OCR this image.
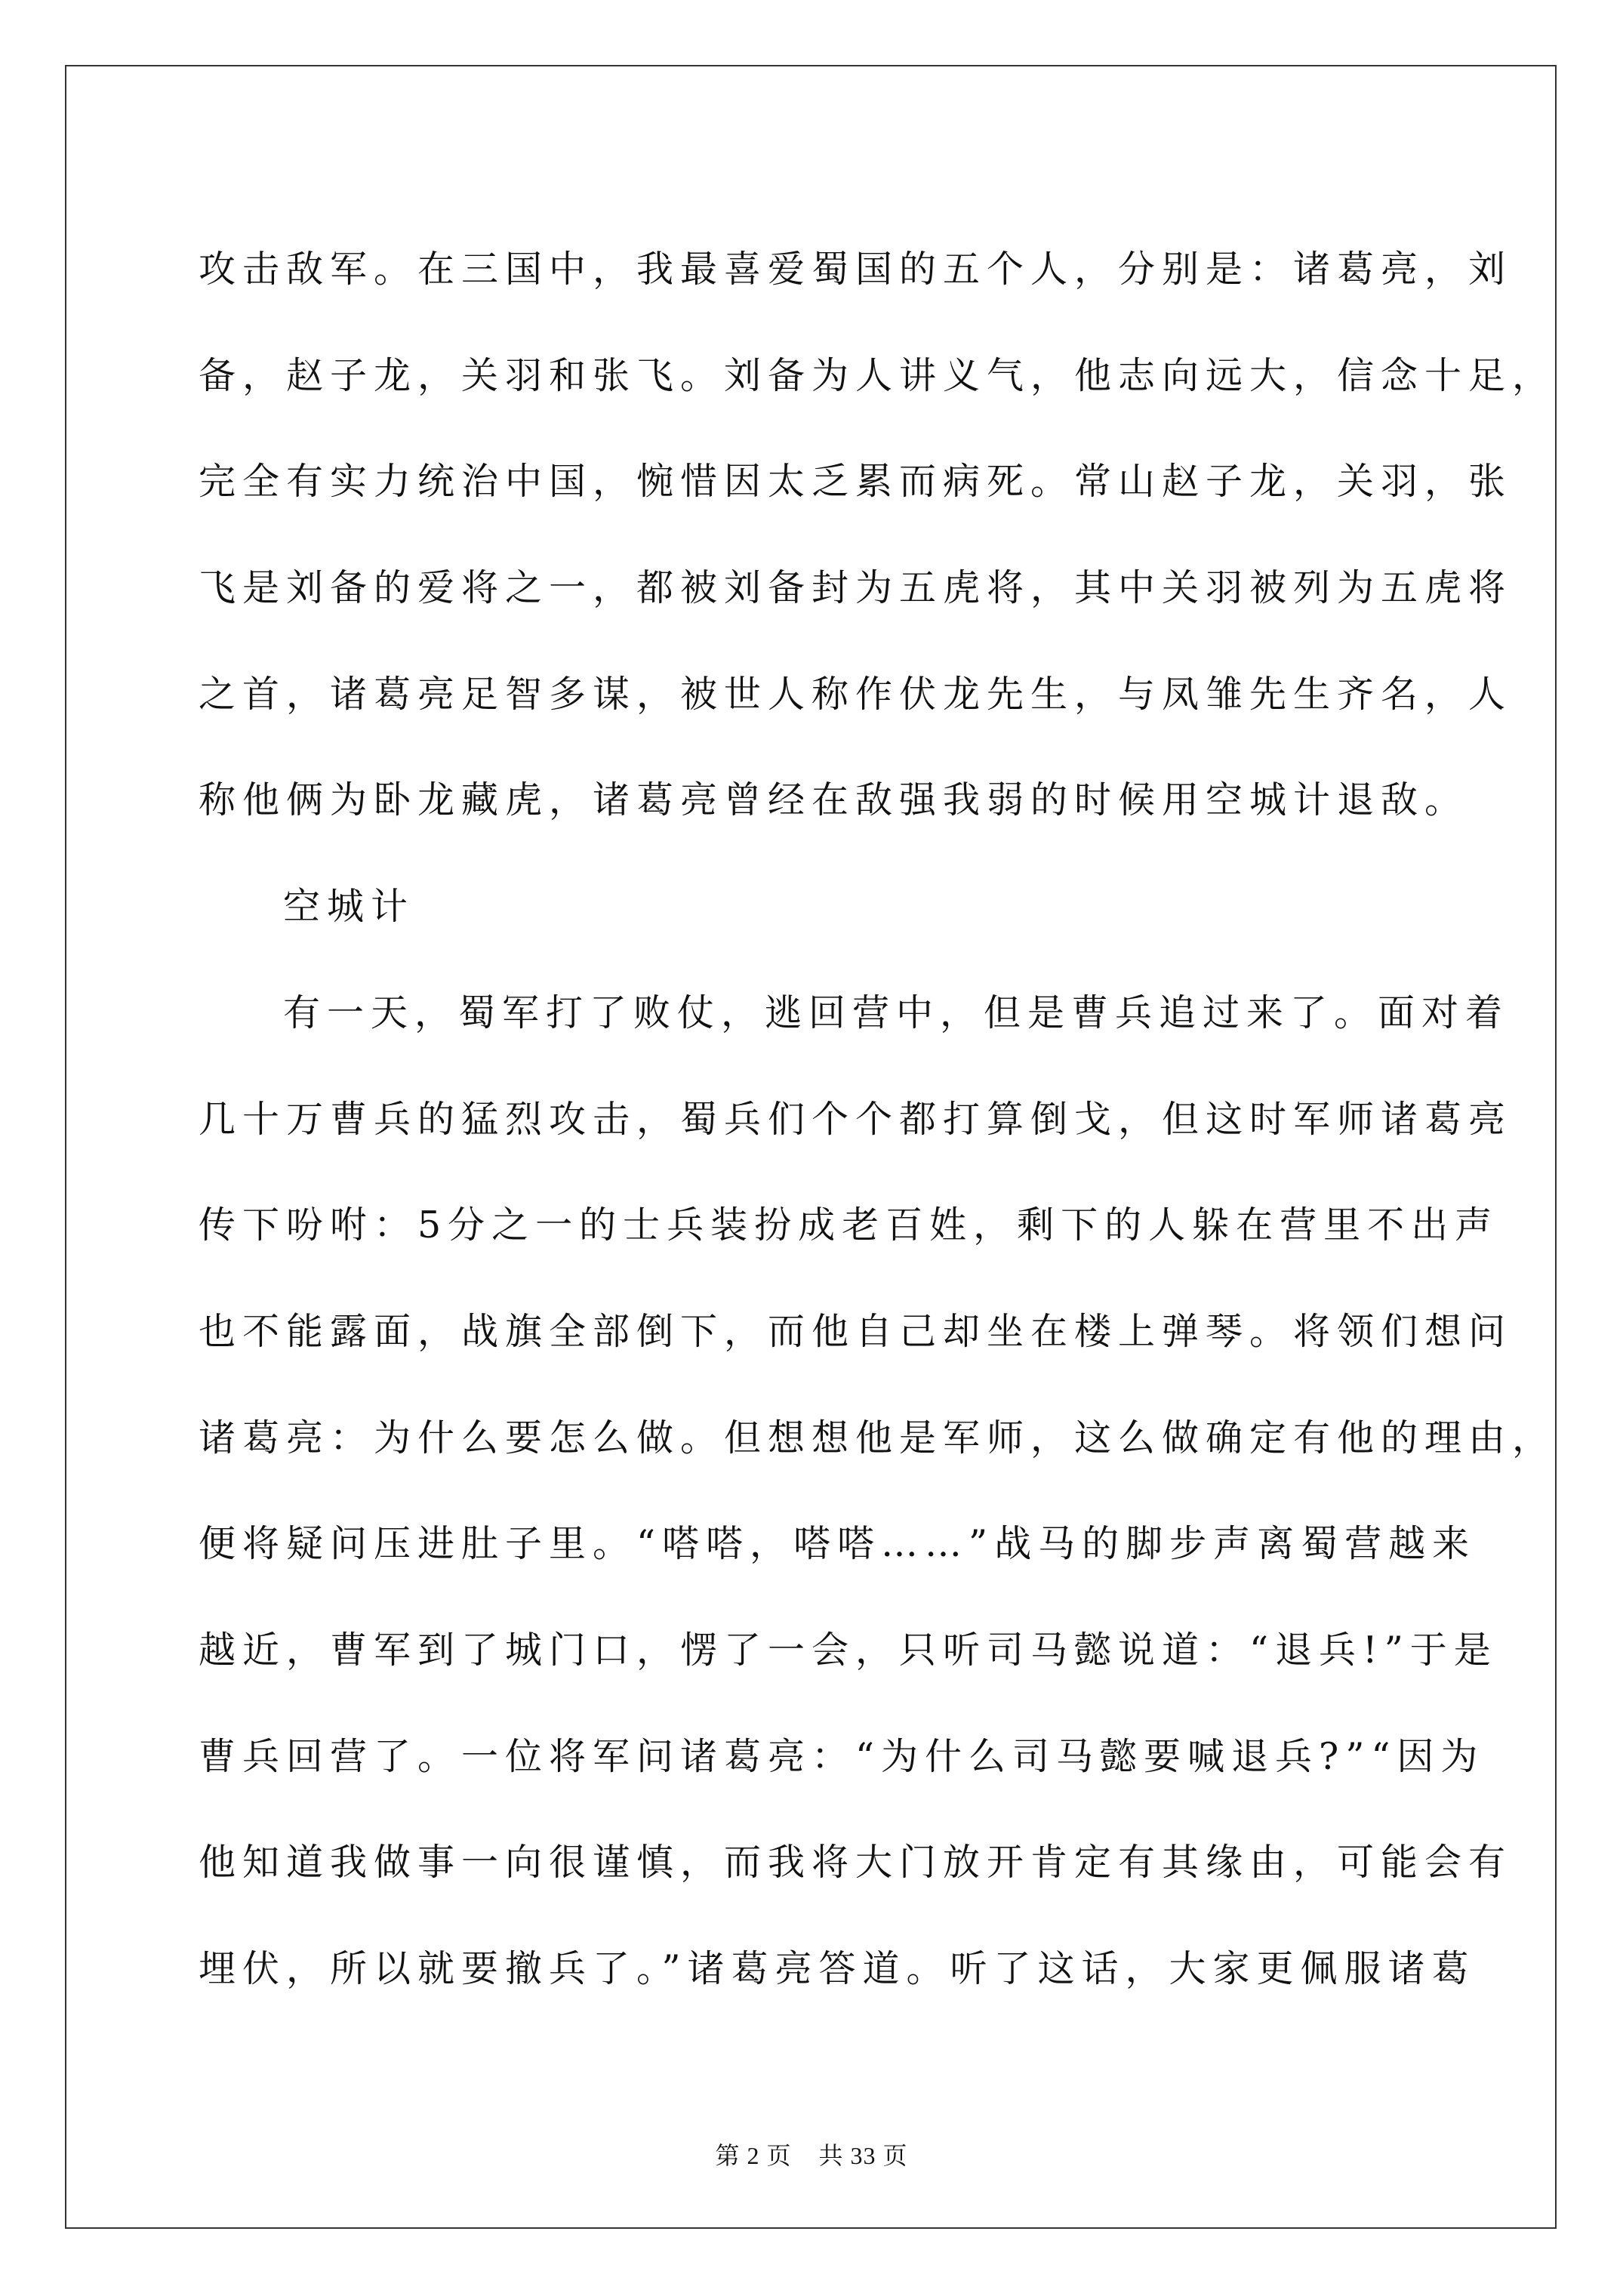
攻击敌军。在三国中，我最喜爱蜀国的五个人，分别是：诸葛亮，刘
备，赵子龙，关羽和张飞。刘备为人讲义气，他志向远大，信念十足，
完全有实力统治中国，惋惜因太乏累而病死。常山赵子龙，关羽，张
飞是刘备的爱将之一，都被刘备封为五虎将，其中关羽被列为五虎将
之首，诸葛亮足智多谋，被世人称作伏龙先生，与凤雏先生齐名，人
称他俩为卧龙藏虎，诸葛亮曾经在敌强我弱的时候用空城计退敌。
空城计
有一天，蜀军打了败仗，逃回营中，但是曹兵追过来了。面对着
几十万曹兵的猛烈攻击，蜀兵们个个都打算倒戈，但这时军师诸葛亮
传下吩咐：5分之一的士兵装扮成老百姓，剩下的人躲在营里不出声
也不能露面，战旗全部倒下，而他自己却坐在楼上弹琴。将领们想问
诸葛亮：为什么要怎么做。但想想他是军师，这么做确定有他的理由，
便将疑问压进肚子里。“嗒嗒，嗒嗒……”战马的脚步声离蜀营越来
越近，曹军到了城门口，愣了一会，只听司马懿说道：“退兵!”于是
曹兵回营了。一位将军问诸葛亮：“为什么司马懿要喊退兵?”“因为
他知道我做事一向很谨慎，而我将大门放开肯定有其缘由，可能会有
埋伏，所以就要撤兵了。”诸葛亮答道。听了这话，大家更佩服诸葛
第 2 页 共 33 页
